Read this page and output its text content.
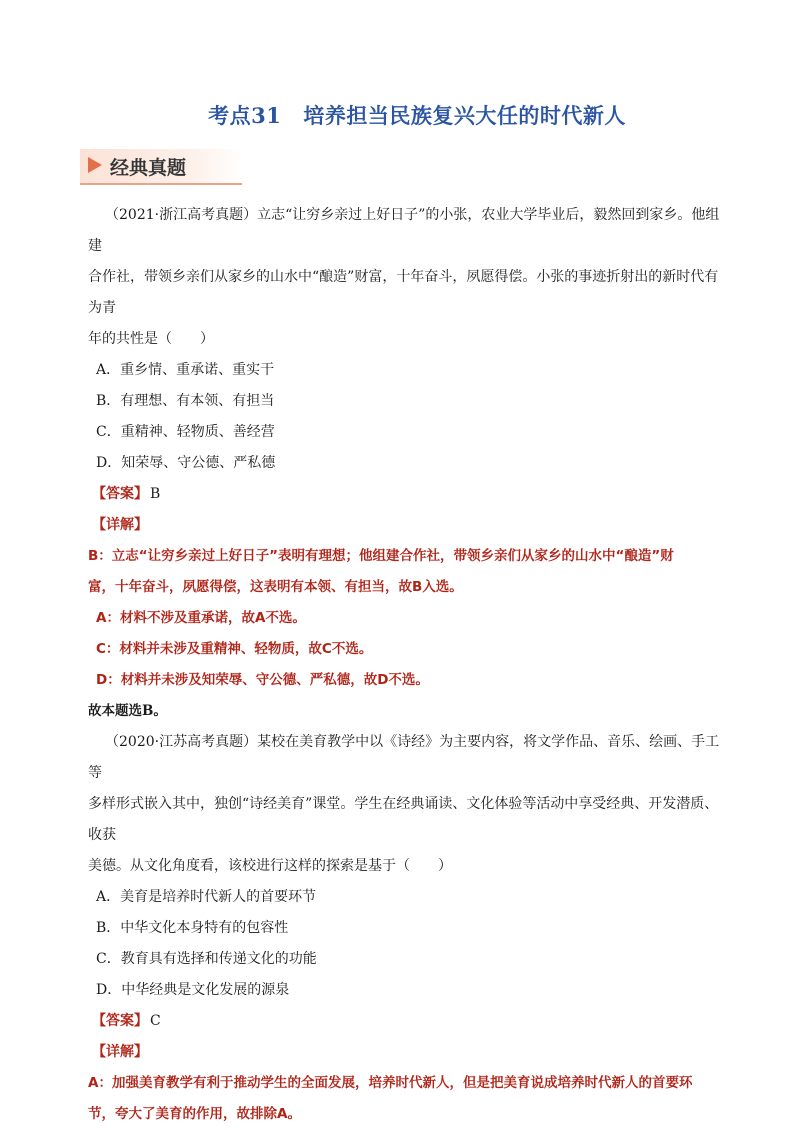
考点31 培养担当民族复兴大任的时代新人
经典真题

（2021·浙江高考真题）立志“让穷乡亲过上好日子”的小张，农业大学毕业后，毅然回到家乡。他组建

合作社，带领乡亲们从家乡的山水中“酿造”财富，十年奋斗，夙愿得偿。小张的事迹折射出的新时代有为青

年的共性是（　　）

A．重乡情、重承诺、重实干

B．有理想、有本领、有担当

C．重精神、轻物质、善经营

D．知荣辱、守公德、严私德

【答案】 B

【详解】

B：立志“让穷乡亲过上好日子”表明有理想；他组建合作社，带领乡亲们从家乡的山水中“酿造”财

富，十年奋斗，夙愿得偿，这表明有本领、有担当，故B入选。

A：材料不涉及重承诺，故A不选。

C：材料并未涉及重精神、轻物质，故C不选。

D：材料并未涉及知荣辱、守公德、严私德，故D不选。

故本题选B。

（2020·江苏高考真题）某校在美育教学中以《诗经》为主要内容，将文学作品、音乐、绘画、手工等

多样形式嵌入其中，独创“诗经美育”课堂。学生在经典诵读、文化体验等活动中享受经典、开发潜质、收获

美德。从文化角度看，该校进行这样的探索是基于（　　）

A．美育是培养时代新人的首要环节

B．中华文化本身特有的包容性

C．教育具有选择和传递文化的功能

D．中华经典是文化发展的源泉

【答案】 C

【详解】

A：加强美育教学有利于推动学生的全面发展，培养时代新人，但是把美育说成培养时代新人的首要环

节，夸大了美育的作用，故排除A。
